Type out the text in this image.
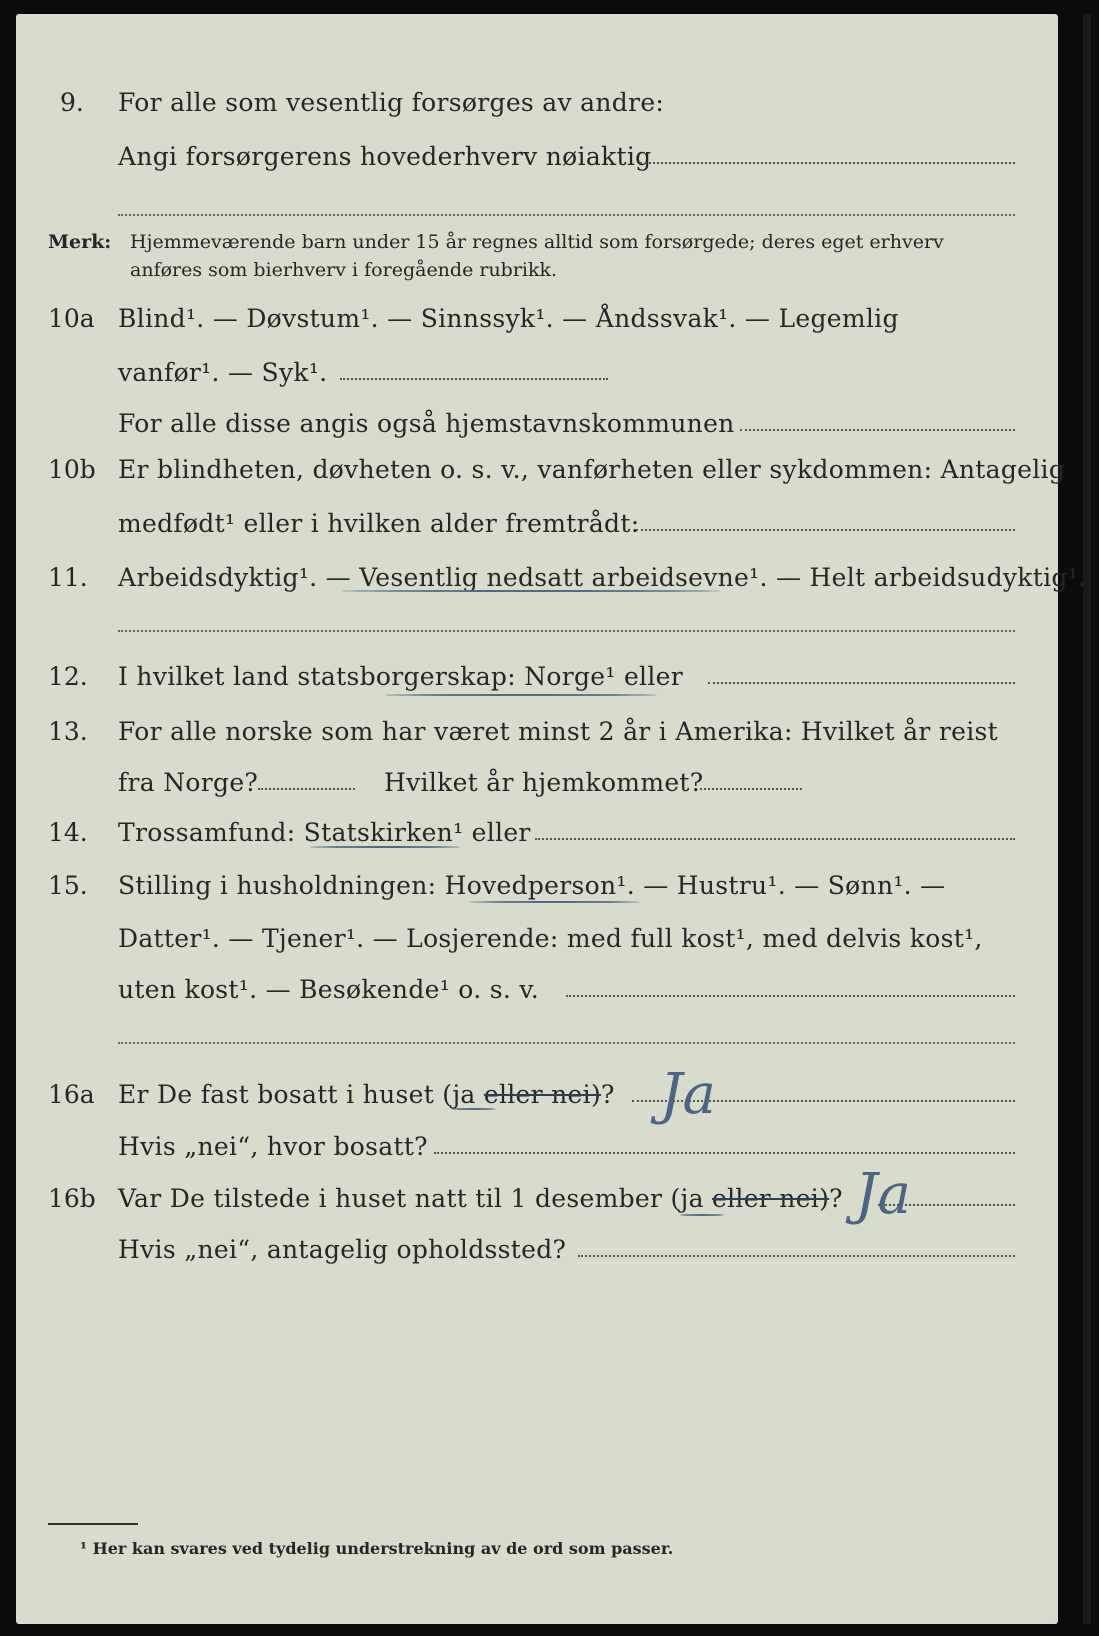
9. For alle som vesentlig forsørges av andre:
Angi forsørgerens hovederhverv nøiaktig
Merk: Hjemmeværende barn under 15 år regnes alltid som forsørgede; deres eget erhverv
anføres som bierhverv i foregående rubrikk.
10a Blind¹. — Døvstum¹. — Sinnssyk¹. — Åndssvak¹. — Legemlig
vanfør¹. — Syk¹.
For alle disse angis også hjemstavnskommunen
10b Er blindheten, døvheten o. s. v., vanførheten eller sykdommen: Antagelig
medfødt¹ eller i hvilken alder fremtrådt:
11. Arbeidsdyktig¹. — Vesentlig nedsatt arbeidsevne¹. — Helt arbeidsudyktig¹.
12. I hvilket land statsborgerskap: Norge¹ eller
13. For alle norske som har været minst 2 år i Amerika: Hvilket år reist
fra Norge?	Hvilket år hjemkommet?
14. Trossamfund: Statskirken¹ eller
15. Stilling i husholdningen: Hovedperson¹. — Hustru¹. — Sønn¹. —
Datter¹. — Tjener¹. — Losjerende: med full kost¹, med delvis kost¹,
uten kost¹. — Besøkende¹ o. s. v.
16a Er De fast bosatt i huset (ja eller nei)?
Hvis „nei“, hvor bosatt?
Ja
16b Var De tilstede i huset natt til 1 desember (ja eller nei)?
Hvis „nei“, antagelig opholdssted?
Ja
¹ Her kan svares ved tydelig understrekning av de ord som passer.
